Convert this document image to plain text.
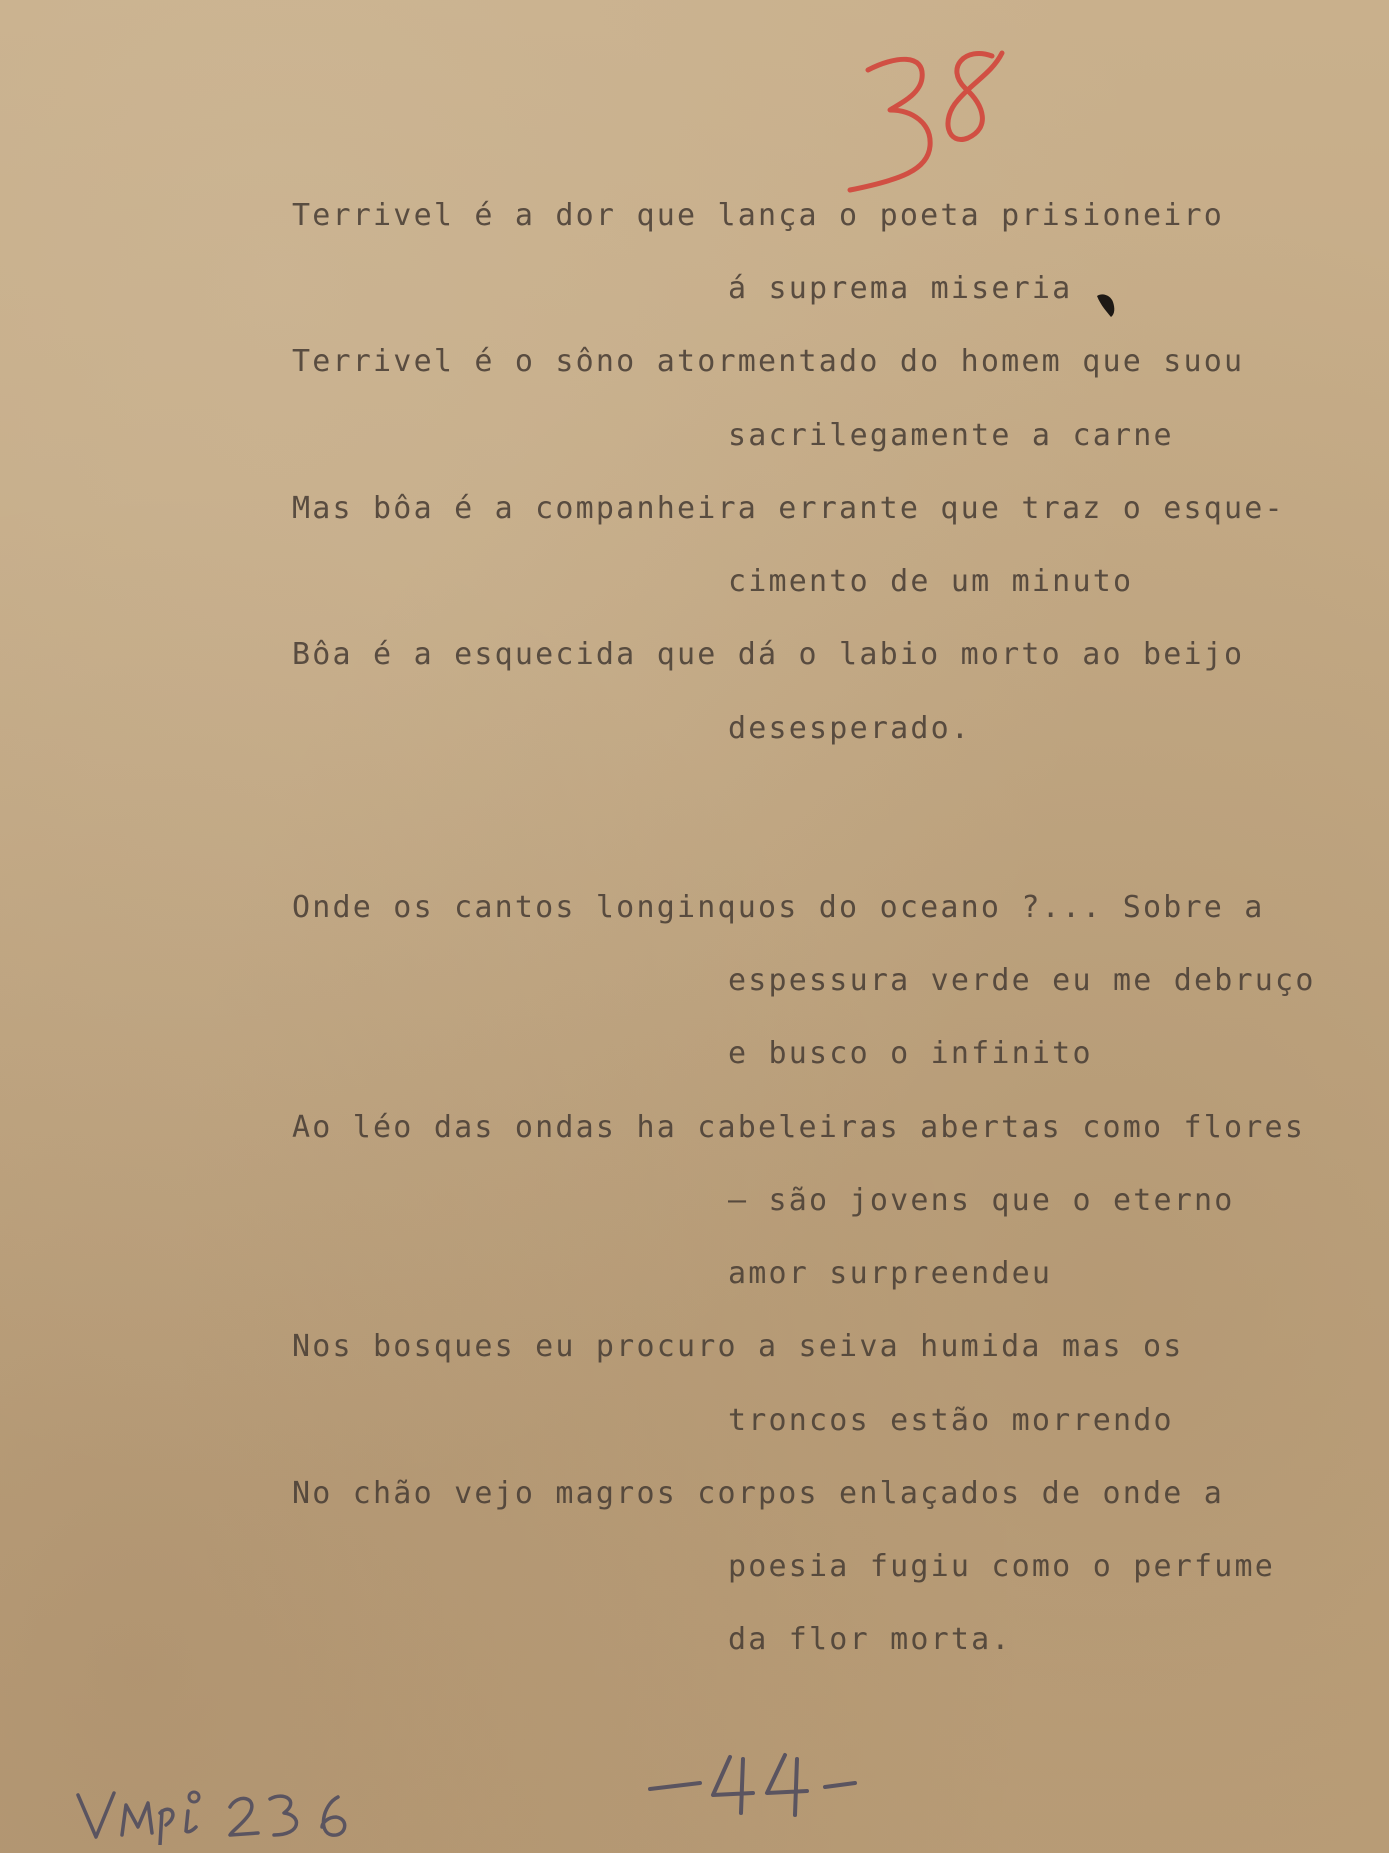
Terrivel é a dor que lança o poeta prisioneiro

á suprema miseria

Terrivel é o sôno atormentado do homem que suou

sacrilegamente a carne

Mas bôa é a companheira errante que traz o esque-

cimento de um minuto

Bôa é a esquecida que dá o labio morto ao beijo

desesperado.

Onde os cantos longinquos do oceano ?... Sobre a

espessura verde eu me debruço

e busco o infinito

Ao léo das ondas ha cabeleiras abertas como flores

— são jovens que o eterno

amor surpreendeu

Nos bosques eu procuro a seiva humida mas os

troncos estão morrendo

No chão vejo magros corpos enlaçados de onde a

poesia fugiu como o perfume

da flor morta.
